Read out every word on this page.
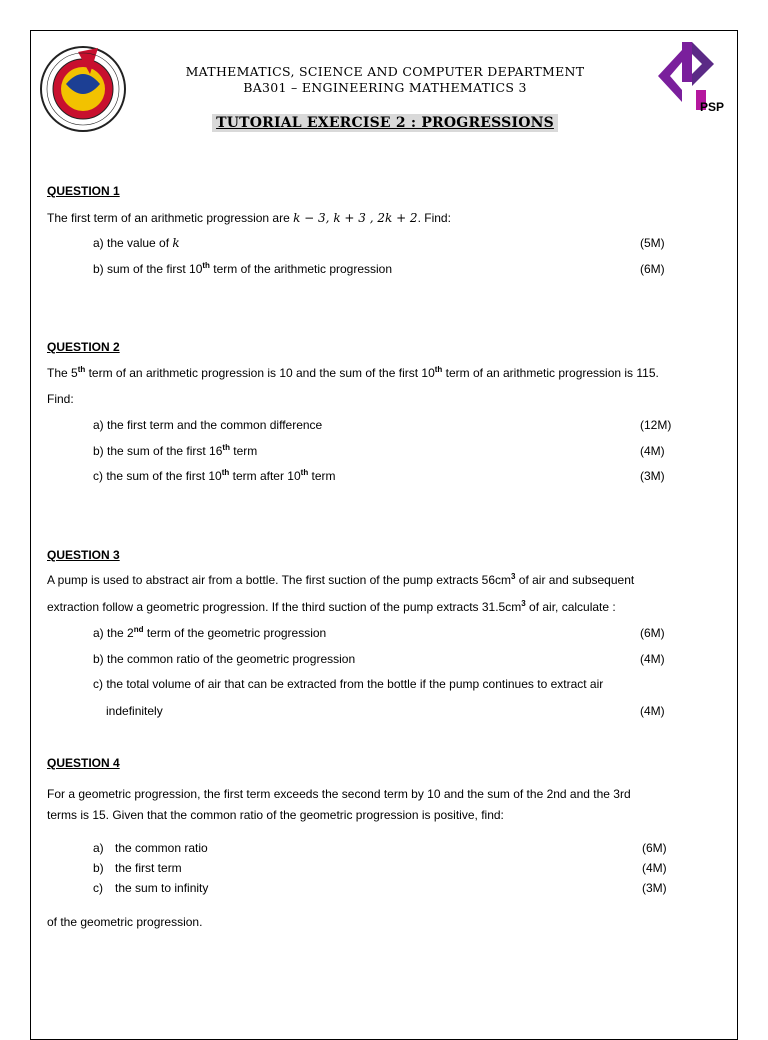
PSP
MATHEMATICS, SCIENCE AND COMPUTER DEPARTMENT
BA301 – ENGINEERING MATHEMATICS 3
TUTORIAL EXERCISE 2 : PROGRESSIONS
QUESTION 1
The first term of an arithmetic progression are k − 3, k + 3 , 2k + 2. Find:
a) the value of k	(5M)
b) sum of the first 10th term of the arithmetic progression	(6M)
QUESTION 2
The 5th term of an arithmetic progression is 10 and the sum of the first 10th term of an arithmetic progression is 115.
Find:
a) the first term and the common difference	(12M)
b) the sum of the first 16th term	(4M)
c) the sum of the first 10th term after 10th term	(3M)
QUESTION 3
A pump is used to abstract air from a bottle. The first suction of the pump extracts $56cm^3$ of air and subsequent
extraction follow a geometric progression. If the third suction of the pump extracts $31.5cm^3$ of air, calculate :
a) the 2nd term of the geometric progression	(6M)
b) the common ratio of the geometric progression	(4M)
c) the total volume of air that can be extracted from the bottle if the pump continues to extract air
indefinitely	(4M)
QUESTION 4
For a geometric progression, the first term exceeds the second term by 10 and the sum of the 2nd and the 3rd
terms is 15. Given that the common ratio of the geometric progression is positive, find:
a) the common ratio	(6M)
b) the first term	(4M)
c) the sum to infinity	(3M)
of the geometric progression.
